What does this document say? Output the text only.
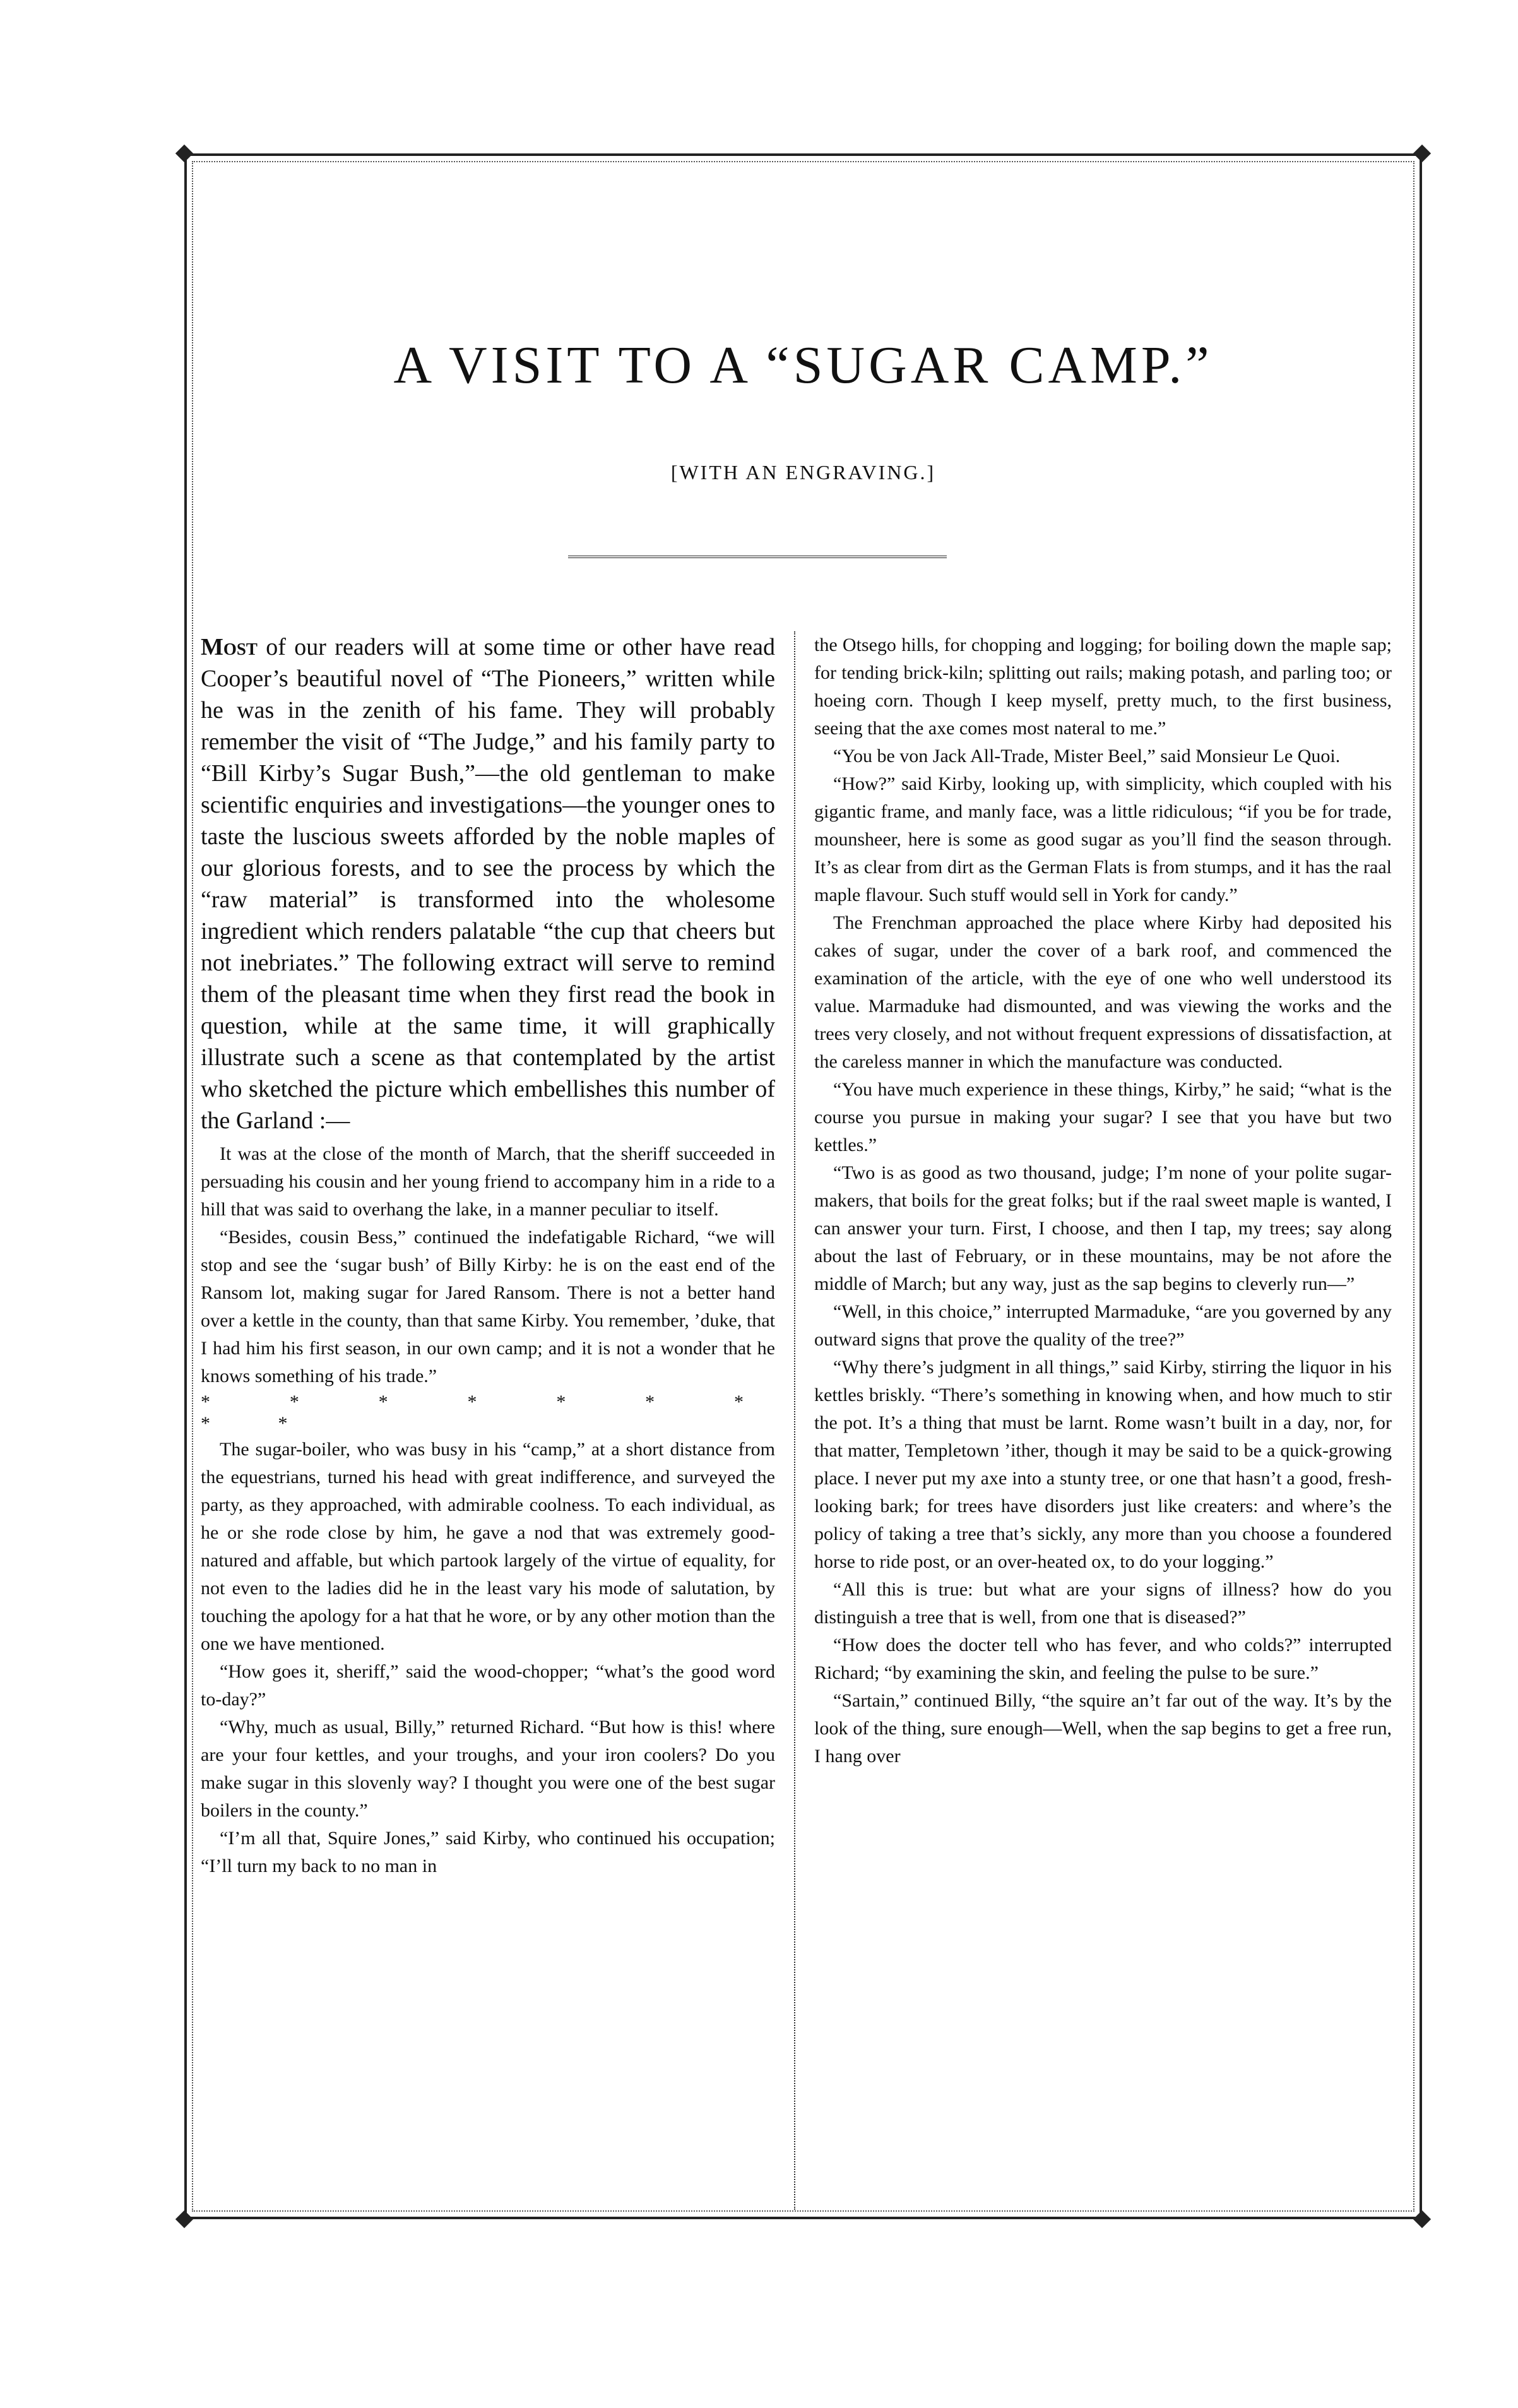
A VISIT TO A “SUGAR CAMP.”
[WITH AN ENGRAVING.]

Most of our readers will at some time or other have read Cooper’s beautiful novel of “The Pioneers,” written while he was in the zenith of his fame. They will probably remember the visit of “The Judge,” and his family party to “Bill Kirby’s Sugar Bush,”—the old gentleman to make scientific enquiries and investigations—the younger ones to taste the luscious sweets afforded by the noble maples of our glorious forests, and to see the process by which the “raw material” is transformed into the wholesome ingredient which renders palatable “the cup that cheers but not inebriates.” The following extract will serve to remind them of the pleasant time when they first read the book in question, while at the same time, it will graphically illustrate such a scene as that contemplated by the artist who sketched the picture which embellishes this number of the Garland :—

It was at the close of the month of March, that the sheriff succeeded in persuading his cousin and her young friend to accompany him in a ride to a hill that was said to overhang the lake, in a manner peculiar to itself.

“Besides, cousin Bess,” continued the indefatigable Richard, “we will stop and see the ‘sugar bush’ of Billy Kirby: he is on the east end of the Ransom lot, making sugar for Jared Ransom. There is not a better hand over a kettle in the county, than that same Kirby. You remember, ’duke, that I had him his first season, in our own camp; and it is not a wonder that he knows something of his trade.”

* * * * * * * * *

The sugar-boiler, who was busy in his “camp,” at a short distance from the equestrians, turned his head with great indifference, and surveyed the party, as they approached, with admirable coolness. To each individual, as he or she rode close by him, he gave a nod that was extremely good-natured and affable, but which partook largely of the virtue of equality, for not even to the ladies did he in the least vary his mode of salutation, by touching the apology for a hat that he wore, or by any other motion than the one we have mentioned.

“How goes it, sheriff,” said the wood-chopper; “what’s the good word to-day?”

“Why, much as usual, Billy,” returned Richard. “But how is this! where are your four kettles, and your troughs, and your iron coolers? Do you make sugar in this slovenly way? I thought you were one of the best sugar boilers in the county.”

“I’m all that, Squire Jones,” said Kirby, who continued his occupation; “I’ll turn my back to no man in

the Otsego hills, for chopping and logging; for boiling down the maple sap; for tending brick-kiln; splitting out rails; making potash, and parling too; or hoeing corn. Though I keep myself, pretty much, to the first business, seeing that the axe comes most nateral to me.”

“You be von Jack All-Trade, Mister Beel,” said Monsieur Le Quoi.

“How?” said Kirby, looking up, with simplicity, which coupled with his gigantic frame, and manly face, was a little ridiculous; “if you be for trade, mounsheer, here is some as good sugar as you’ll find the season through. It’s as clear from dirt as the German Flats is from stumps, and it has the raal maple flavour. Such stuff would sell in York for candy.”

The Frenchman approached the place where Kirby had deposited his cakes of sugar, under the cover of a bark roof, and commenced the examination of the article, with the eye of one who well understood its value. Marmaduke had dismounted, and was viewing the works and the trees very closely, and not without frequent expressions of dissatisfaction, at the careless manner in which the manufacture was conducted.

“You have much experience in these things, Kirby,” he said; “what is the course you pursue in making your sugar? I see that you have but two kettles.”

“Two is as good as two thousand, judge; I’m none of your polite sugar-makers, that boils for the great folks; but if the raal sweet maple is wanted, I can answer your turn. First, I choose, and then I tap, my trees; say along about the last of February, or in these mountains, may be not afore the middle of March; but any way, just as the sap begins to cleverly run—”

“Well, in this choice,” interrupted Marmaduke, “are you governed by any outward signs that prove the quality of the tree?”

“Why there’s judgment in all things,” said Kirby, stirring the liquor in his kettles briskly. “There’s something in knowing when, and how much to stir the pot. It’s a thing that must be larnt. Rome wasn’t built in a day, nor, for that matter, Templetown ’ither, though it may be said to be a quick-growing place. I never put my axe into a stunty tree, or one that hasn’t a good, fresh-looking bark; for trees have disorders just like creaters: and where’s the policy of taking a tree that’s sickly, any more than you choose a foundered horse to ride post, or an over-heated ox, to do your logging.”

“All this is true: but what are your signs of illness? how do you distinguish a tree that is well, from one that is diseased?”

“How does the docter tell who has fever, and who colds?” interrupted Richard; “by examining the skin, and feeling the pulse to be sure.”

“Sartain,” continued Billy, “the squire an’t far out of the way. It’s by the look of the thing, sure enough—Well, when the sap begins to get a free run, I hang over
